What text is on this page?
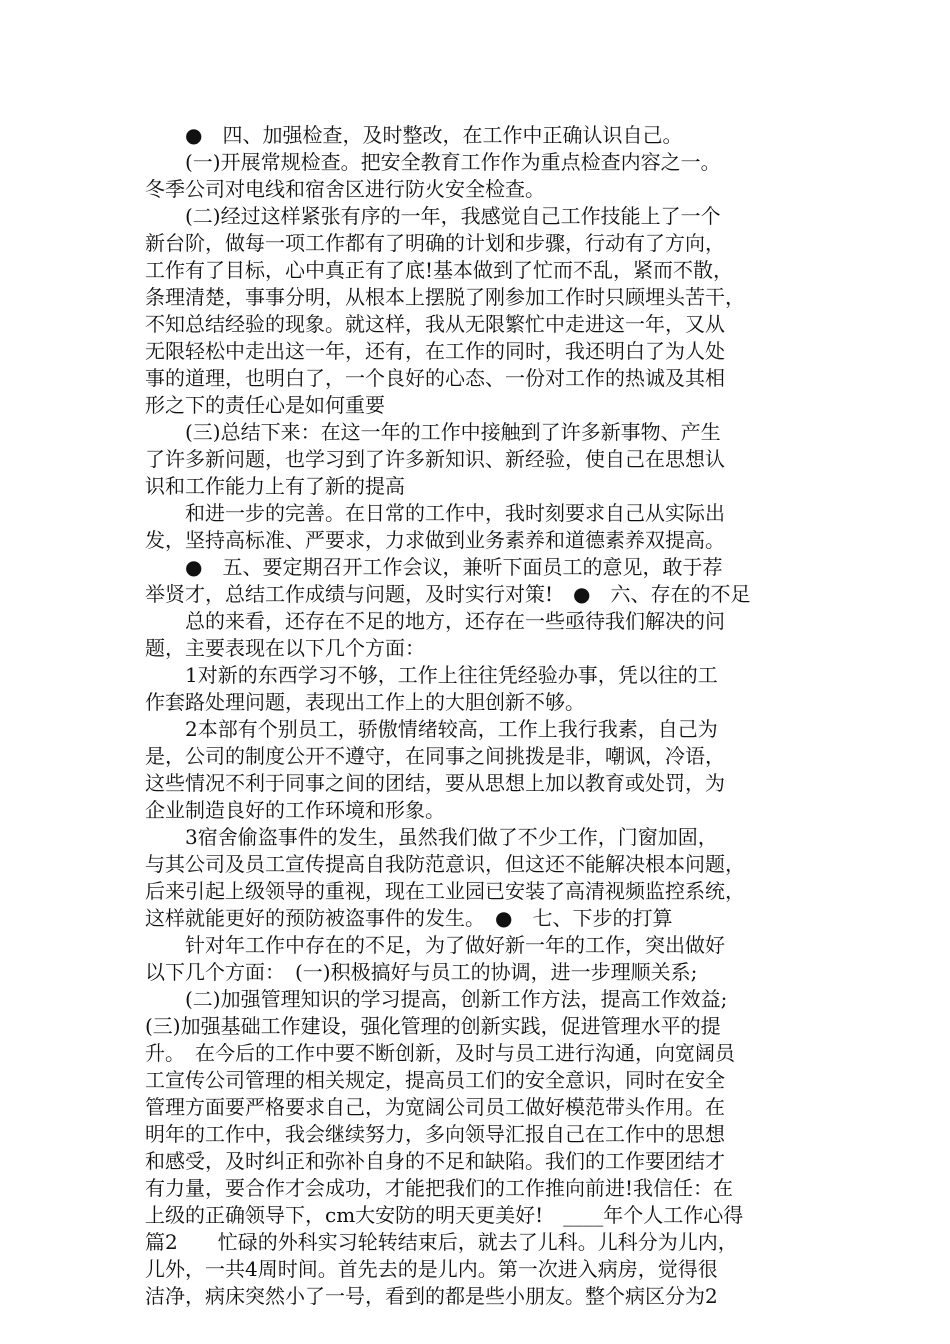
　　●　四、加强检查，及时整改，在工作中正确认识自己。
　　(一)开展常规检查。把安全教育工作作为重点检查内容之一。
冬季公司对电线和宿舍区进行防火安全检查。
　　(二)经过这样紧张有序的一年，我感觉自己工作技能上了一个
新台阶，做每一项工作都有了明确的计划和步骤，行动有了方向，
工作有了目标，心中真正有了底!基本做到了忙而不乱，紧而不散，
条理清楚，事事分明，从根本上摆脱了刚参加工作时只顾埋头苦干，
不知总结经验的现象。就这样，我从无限繁忙中走进这一年，又从
无限轻松中走出这一年，还有，在工作的同时，我还明白了为人处
事的道理，也明白了，一个良好的心态、一份对工作的热诚及其相
形之下的责任心是如何重要
　　(三)总结下来：在这一年的工作中接触到了许多新事物、产生
了许多新问题，也学习到了许多新知识、新经验，使自己在思想认
识和工作能力上有了新的提高
　　和进一步的完善。在日常的工作中，我时刻要求自己从实际出
发，坚持高标准、严要求，力求做到业务素养和道德素养双提高。
　　●　五、要定期召开工作会议，兼听下面员工的意见，敢于荐
举贤才，总结工作成绩与问题，及时实行对策!　●　六、存在的不足
　　总的来看，还存在不足的地方，还存在一些亟待我们解决的问
题，主要表现在以下几个方面：
　　1对新的东西学习不够，工作上往往凭经验办事，凭以往的工
作套路处理问题，表现出工作上的大胆创新不够。
　　2本部有个别员工，骄傲情绪较高，工作上我行我素，自己为
是，公司的制度公开不遵守，在同事之间挑拨是非，嘲讽，冷语，
这些情况不利于同事之间的团结，要从思想上加以教育或处罚，为
企业制造良好的工作环境和形象。
　　3宿舍偷盗事件的发生，虽然我们做了不少工作，门窗加固，
与其公司及员工宣传提高自我防范意识，但这还不能解决根本问题，
后来引起上级领导的重视，现在工业园已安装了高清视频监控系统，
这样就能更好的预防被盗事件的发生。　●　七、下步的打算
　　针对年工作中存在的不足，为了做好新一年的工作，突出做好
以下几个方面：　(一)积极搞好与员工的协调，进一步理顺关系;
　　(二)加强管理知识的学习提高，创新工作方法，提高工作效益;
(三)加强基础工作建设，强化管理的创新实践，促进管理水平的提
升。　在今后的工作中要不断创新，及时与员工进行沟通，向宽阔员
工宣传公司管理的相关规定，提高员工们的安全意识，同时在安全
管理方面要严格要求自己，为宽阔公司员工做好模范带头作用。在
明年的工作中，我会继续努力，多向领导汇报自己在工作中的思想
和感受，及时纠正和弥补自身的不足和缺陷。我们的工作要团结才
有力量，要合作才会成功，才能把我们的工作推向前进!我信任：在
上级的正确领导下，cm大安防的明天更美好!　____年个人工作心得
篇2　　忙碌的外科实习轮转结束后，就去了儿科。儿科分为儿内，
儿外，一共4周时间。首先去的是儿内。第一次进入病房，觉得很
洁净，病床突然小了一号，看到的都是些小朋友。整个病区分为2
